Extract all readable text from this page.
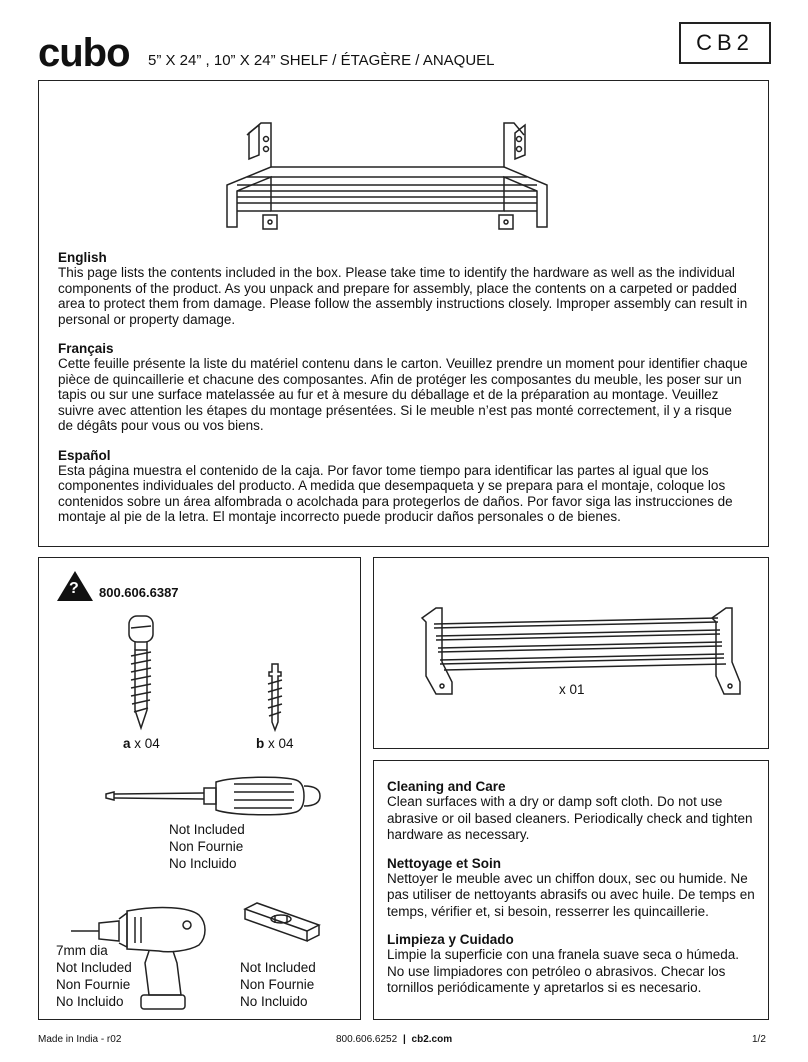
cubo 5” X 24” , 10” X 24” SHELF / ÉTAGÈRE / ANAQUEL
CB2

English

This page lists the contents included in the box. Please take time to identify the hardware as well as the individual components of the product. As you unpack and prepare for assembly, place the contents on a carpeted or padded area to protect them from damage. Please follow the assembly instructions closely. Improper assembly can result in personal or property damage.

Français

Cette feuille présente la liste du matériel contenu dans le carton. Veuillez prendre un moment pour identifier chaque pièce de quincaillerie et chacune des composantes. Afin de protéger les composantes du meuble, les poser sur un tapis ou sur une surface matelassée au fur et à mesure du déballage et de la préparation au montage. Veuillez suivre avec attention les étapes du montage présentées. Si le meuble n’est pas monté correctement, il y a risque de dégâts pour vous ou vos biens.

Español

Esta página muestra el contenido de la caja. Por favor tome tiempo para identificar las partes al igual que los componentes individuales del producto. A medida que desempaqueta y se prepara para el montaje, coloque los contenidos sobre un área alfombrada o acolchada para protegerlos de daños. Por favor siga las instrucciones de montaje al pie de la letra. El montaje incorrecto puede producir daños personales o de bienes.

? 800.606.6387
a x 04	b x 04
Not Included
Non Fournie
No Incluido
7mm dia
Not Included
Non Fournie
No Incluido
Not Included
Non Fournie
No Incluido
x 01

Cleaning and Care

Clean surfaces with a dry or damp soft cloth. Do not use abrasive or oil based cleaners. Periodically check and tighten hardware as necessary.

Nettoyage et Soin

Nettoyer le meuble avec un chiffon doux, sec ou humide. Ne pas utiliser de nettoyants abrasifs ou avec huile. De temps en temps, vérifier et, si besoin, resserrer les quincaillerie.

Limpieza y Cuidado

Limpie la superficie con una franela suave seca o húmeda. No use limpiadores con petróleo o abrasivos. Checar los tornillos periódicamente y apretarlos si es necesario.

Made in India - r02	800.606.6252 | cb2.com	1/2
